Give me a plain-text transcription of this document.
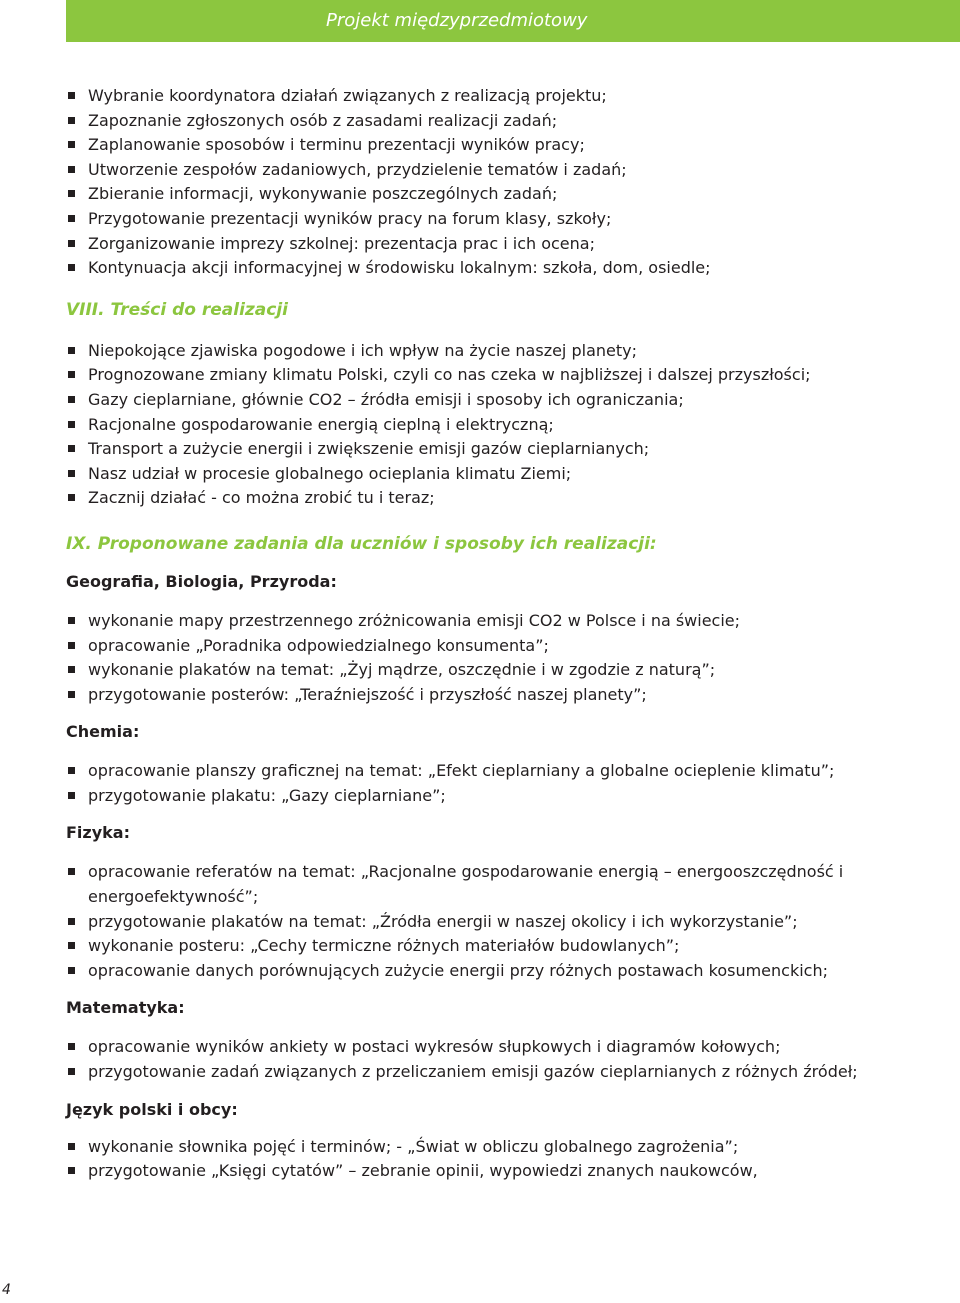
Projekt międzyprzedmiotowy
Wybranie koordynatora działań związanych z realizacją projektu;
Zapoznanie zgłoszonych osób z zasadami realizacji zadań;
Zaplanowanie sposobów i terminu prezentacji wyników pracy;
Utworzenie zespołów zadaniowych, przydzielenie tematów i zadań;
Zbieranie informacji, wykonywanie poszczególnych zadań;
Przygotowanie prezentacji wyników pracy na forum klasy, szkoły;
Zorganizowanie imprezy szkolnej: prezentacja prac i ich ocena;
Kontynuacja akcji informacyjnej w środowisku lokalnym: szkoła, dom, osiedle;
VIII. Treści do realizacji
Niepokojące zjawiska pogodowe i ich wpływ na życie naszej planety;
Prognozowane zmiany klimatu Polski, czyli co nas czeka w najbliższej i dalszej przyszłości;
Gazy cieplarniane, głównie CO2 – źródła emisji i sposoby ich ograniczania;
Racjonalne gospodarowanie energią cieplną i elektryczną;
Transport a zużycie energii i zwiększenie emisji gazów cieplarnianych;
Nasz udział w procesie globalnego ocieplania klimatu Ziemi;
Zacznij działać - co można zrobić tu i teraz;
IX. Proponowane zadania dla uczniów i sposoby ich realizacji:
Geografia, Biologia, Przyroda:
wykonanie mapy przestrzennego zróżnicowania emisji CO2 w Polsce i na świecie;
opracowanie „Poradnika odpowiedzialnego konsumenta”;
wykonanie plakatów na temat: „Żyj mądrze, oszczędnie i w zgodzie z naturą”;
przygotowanie posterów: „Teraźniejszość i przyszłość naszej planety”;
Chemia:
opracowanie planszy graficznej na temat: „Efekt cieplarniany a globalne ocieplenie klimatu”;
przygotowanie plakatu: „Gazy cieplarniane”;
Fizyka:
opracowanie referatów na temat: „Racjonalne gospodarowanie energią – energooszczędność i energoefektywność”;
przygotowanie plakatów na temat: „Źródła energii w naszej okolicy i ich wykorzystanie”;
wykonanie posteru: „Cechy termiczne różnych materiałów budowlanych”;
opracowanie danych porównujących zużycie energii przy różnych postawach kosumenckich;
Matematyka:
opracowanie wyników ankiety w postaci wykresów słupkowych i diagramów kołowych;
przygotowanie zadań związanych z przeliczaniem emisji gazów cieplarnianych z różnych źródeł;
Język polski i obcy:
wykonanie słownika pojęć i terminów; - „Świat w obliczu globalnego zagrożenia”;
przygotowanie „Księgi cytatów” – zebranie opinii, wypowiedzi znanych naukowców,
4
